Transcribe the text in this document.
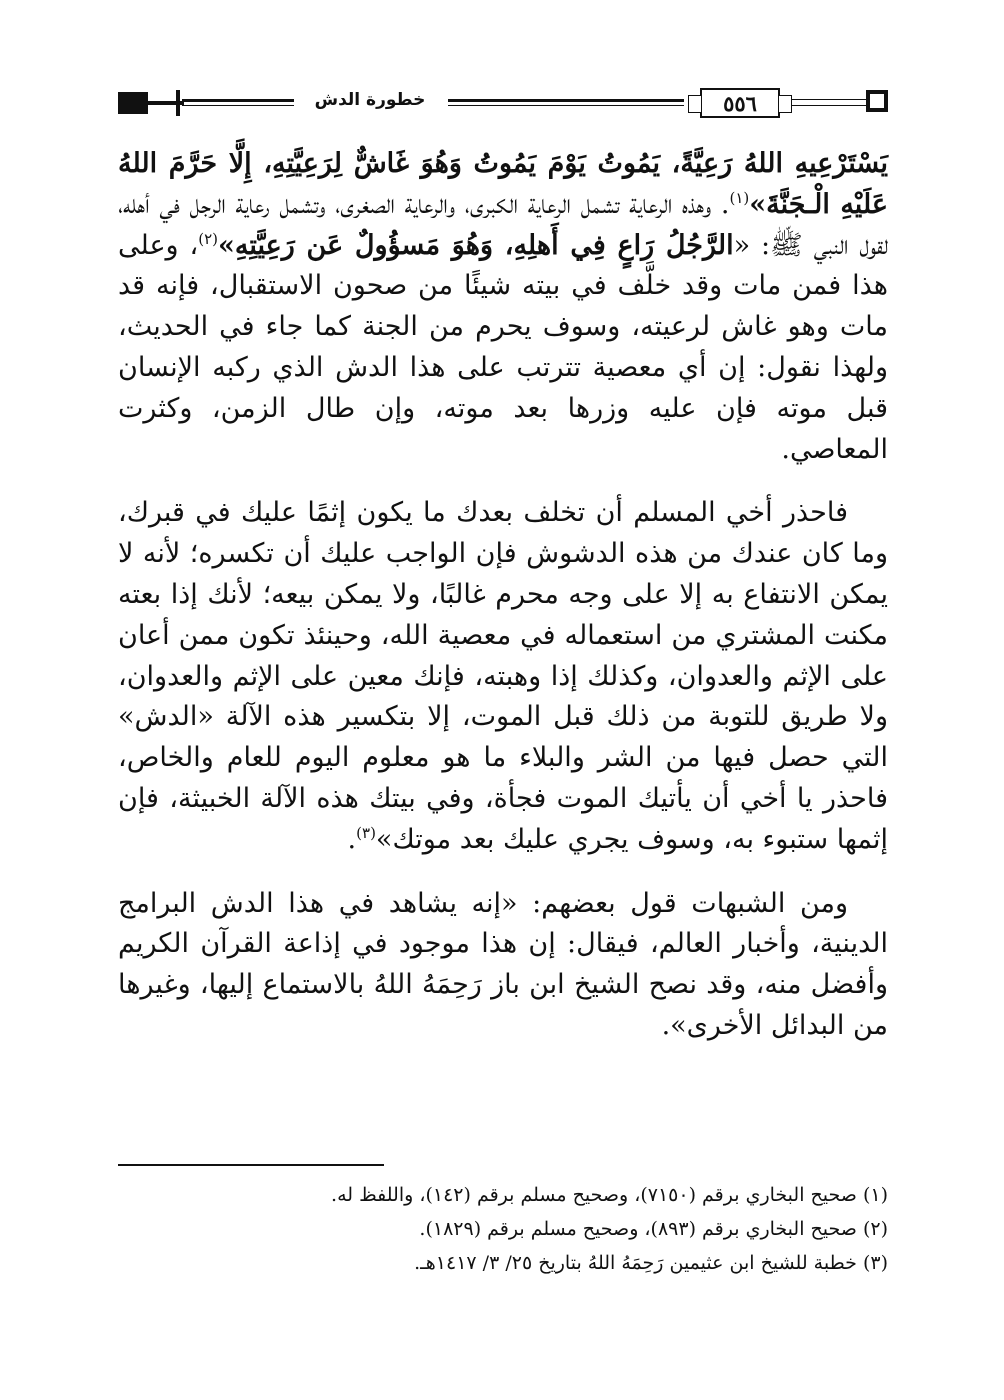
٥٥٦
خطورة الدش

يَسْتَرْعِيهِ اللهُ رَعِيَّةً، يَمُوتُ يَوْمَ يَمُوتُ وَهُوَ غَاشٌّ لِرَعِيَّتِهِ، إِلَّا حَرَّمَ اللهُ عَلَيْهِ الْـجَنَّةَ»$^{(١)}$. وهذه الرعاية تشمل الرعاية الكبرى، والرعاية الصغرى، وتشمل رعاية الرجل في أهله، لقول النبي ﷺ: «الرَّجُلُ رَاعٍ فِي أَهلِهِ، وَهُوَ مَسؤُولٌ عَن رَعِيَّتِهِ»$^{(٢)}$، وعلى هذا فمن مات وقد خلَّف في بيته شيئًا من صحون الاستقبال، فإنه قد مات وهو غاش لرعيته، وسوف يحرم من الجنة كما جاء في الحديث، ولهذا نقول: إن أي معصية تترتب على هذا الدش الذي ركبه الإنسان قبل موته فإن عليه وزرها بعد موته، وإن طال الزمن، وكثرت المعاصي.

فاحذر أخي المسلم أن تخلف بعدك ما يكون إثمًا عليك في قبرك، وما كان عندك من هذه الدشوش فإن الواجب عليك أن تكسره؛ لأنه لا يمكن الانتفاع به إلا على وجه محرم غالبًا، ولا يمكن بيعه؛ لأنك إذا بعته مكنت المشتري من استعماله في معصية الله، وحينئذ تكون ممن أعان على الإثم والعدوان، وكذلك إذا وهبته، فإنك معين على الإثم والعدوان، ولا طريق للتوبة من ذلك قبل الموت، إلا بتكسير هذه الآلة «الدش» التي حصل فيها من الشر والبلاء ما هو معلوم اليوم للعام والخاص، فاحذر يا أخي أن يأتيك الموت فجأة، وفي بيتك هذه الآلة الخبيثة، فإن إثمها ستبوء به، وسوف يجري عليك بعد موتك»$^{(٣)}$.

ومن الشبهات قول بعضهم: «إنه يشاهد في هذا الدش البرامج الدينية، وأخبار العالم، فيقال: إن هذا موجود في إذاعة القرآن الكريم وأفضل منه، وقد نصح الشيخ ابن باز رَحِمَهُ اللهُ بالاستماع إليها، وغيرها من البدائل الأخرى».

(١) صحيح البخاري برقم (٧١٥٠)، وصحيح مسلم برقم (١٤٢)، واللفظ له.

(٢) صحيح البخاري برقم (٨٩٣)، وصحيح مسلم برقم (١٨٢٩).

(٣) خطبة للشيخ ابن عثيمين رَحِمَهُ اللهُ بتاريخ ٢٥/ ٣/ ١٤١٧هـ.
